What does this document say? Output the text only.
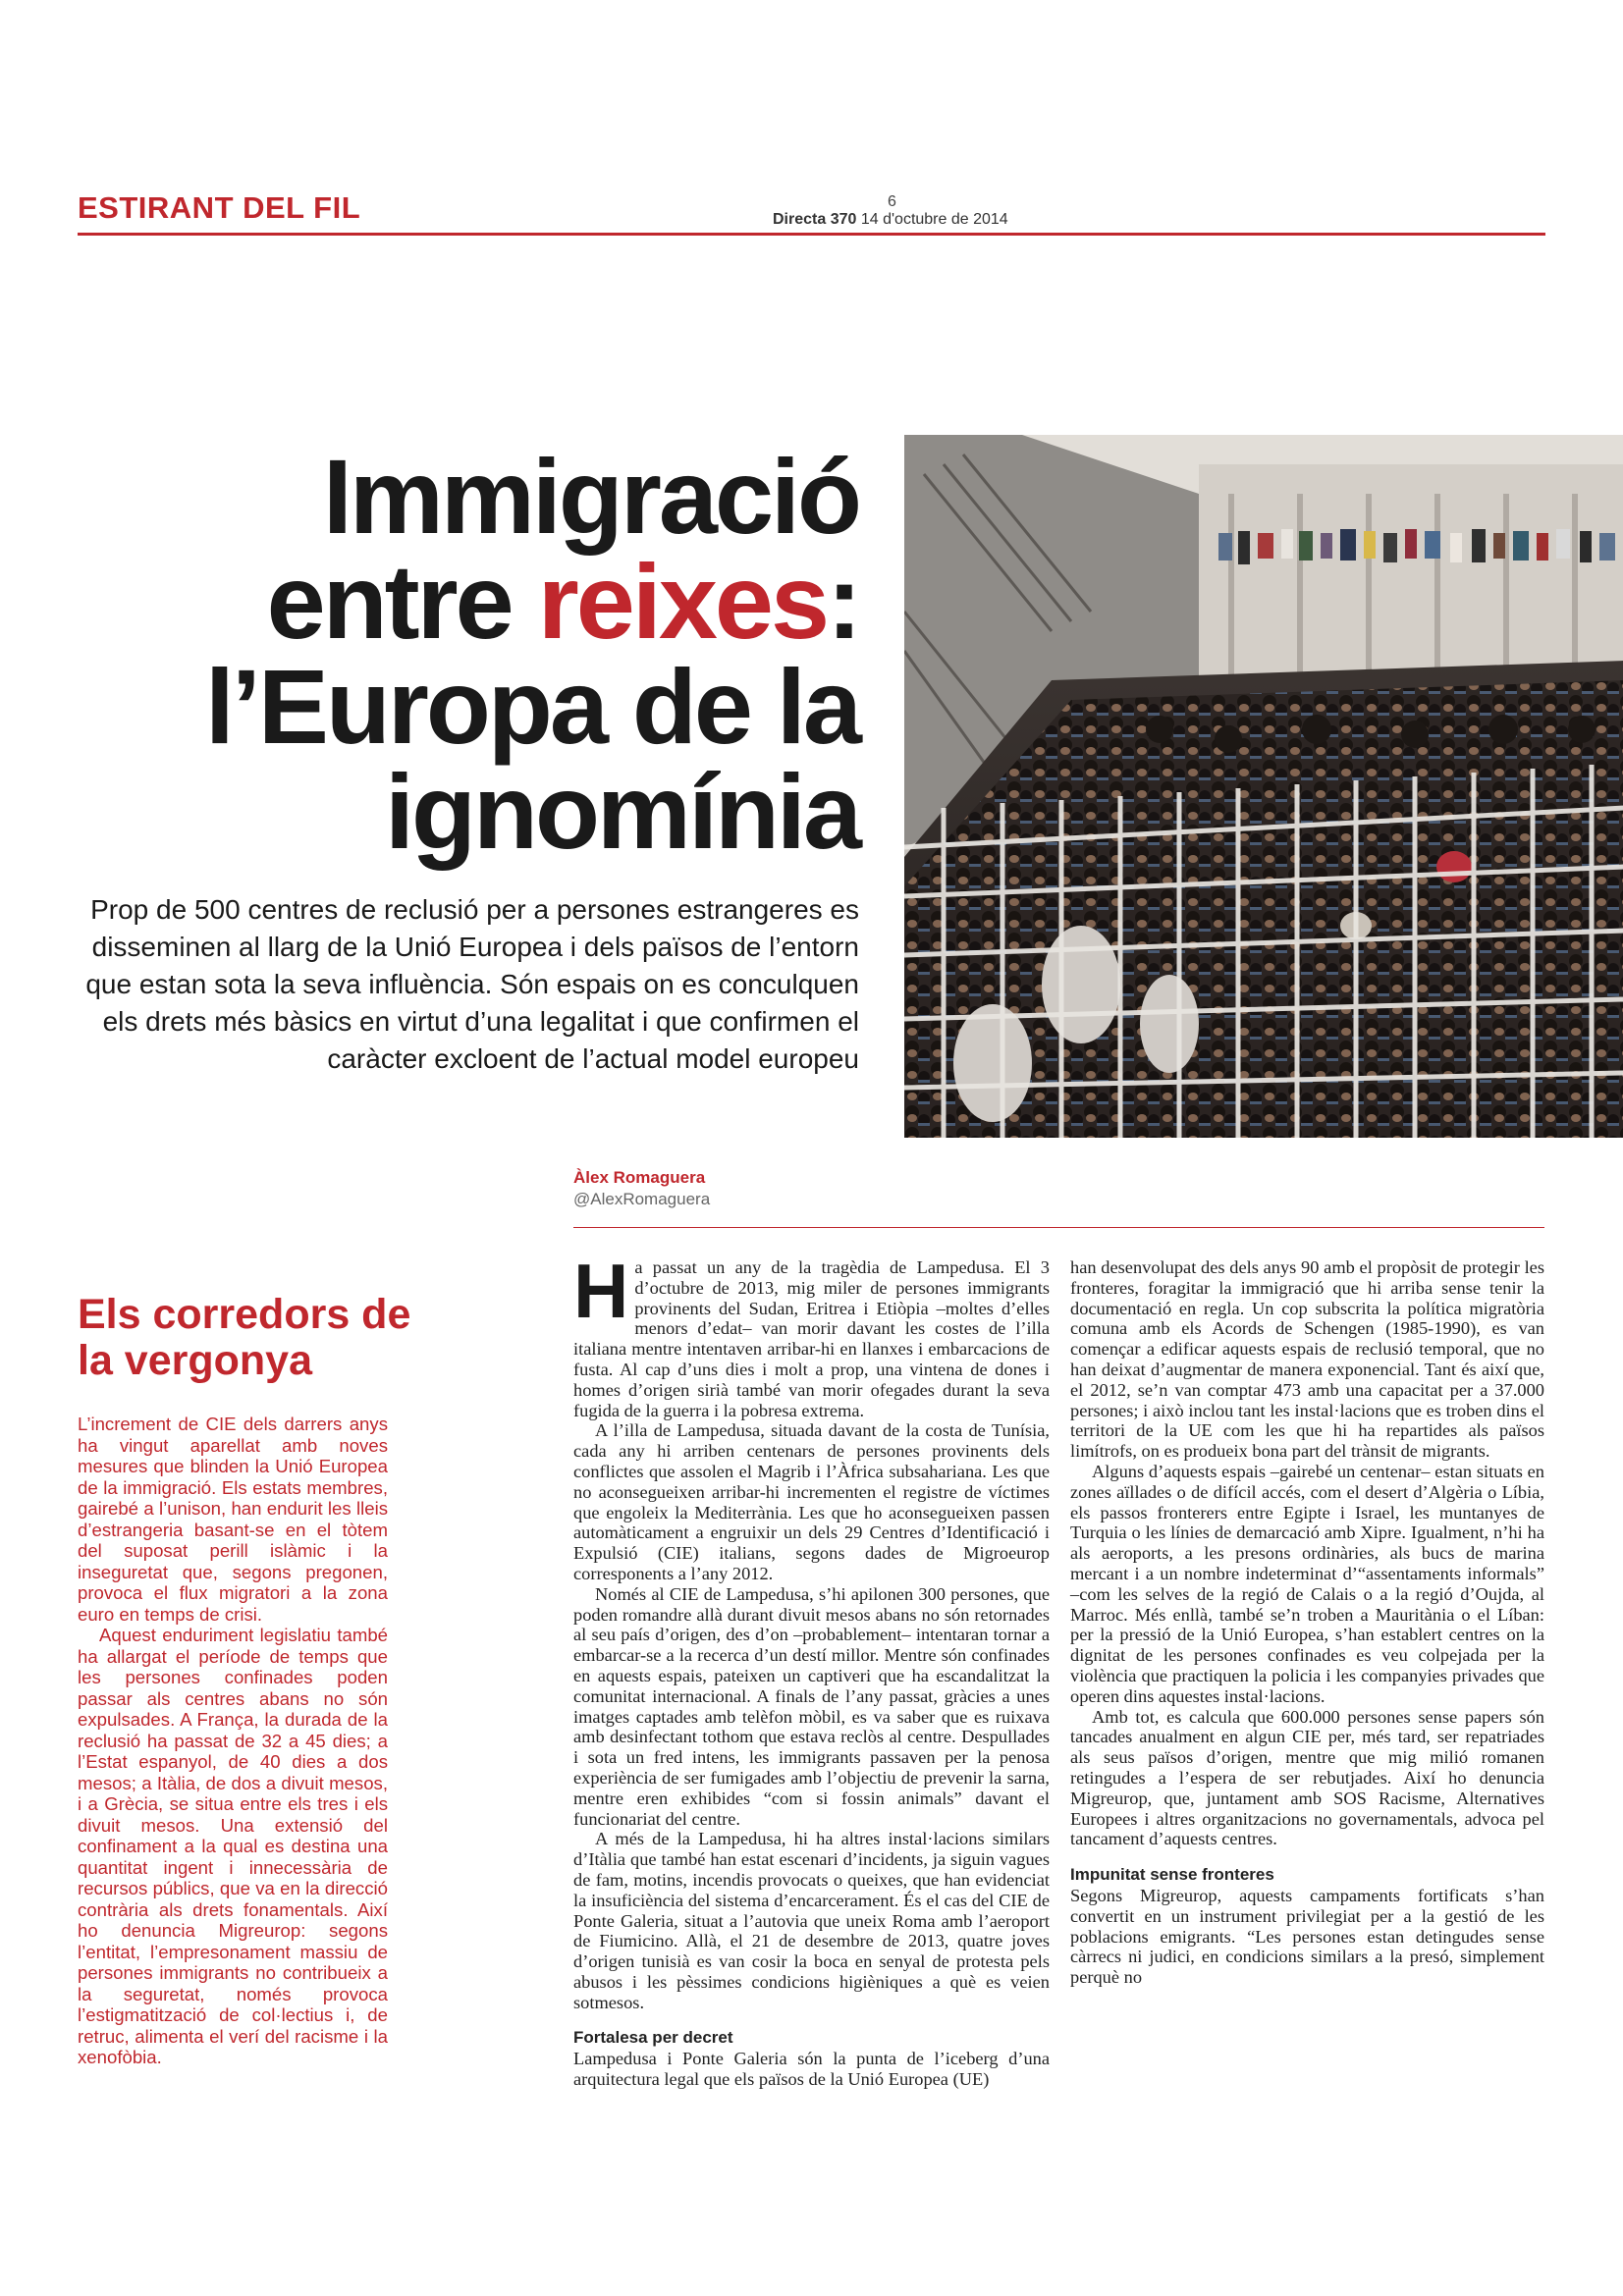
ESTIRANT DEL FIL	6
Directa 370 14 d'octubre de 2014
Immigració
entre reixes:
l’Europa de la
ignomínia

Prop de 500 centres de reclusió per a persones estrangeres es disseminen al llarg de la Unió Europea i dels països de l’entorn que estan sota la seva influència. Són espais on es conculquen els drets més bàsics en virtut d’una legalitat i que confirmen el caràcter excloent de l’actual model europeu

Àlex Romaguera
@AlexRomaguera
Els corredors de la vergonya

L’increment de CIE dels darrers anys ha vingut aparellat amb noves mesures que blinden la Unió Europea de la immigració. Els estats membres, gairebé a l’unison, han endurit les lleis d’estrangeria basant-se en el tòtem del suposat perill islàmic i la inseguretat que, segons pregonen, provoca el flux migratori a la zona euro en temps de crisi.

Aquest enduriment legislatiu també ha allargat el període de temps que les persones confinades poden passar als centres abans no són expulsades. A França, la durada de la reclusió ha passat de 32 a 45 dies; a l’Estat espanyol, de 40 dies a dos mesos; a Itàlia, de dos a divuit mesos, i a Grècia, se situa entre els tres i els divuit mesos. Una extensió del confinament a la qual es destina una quantitat ingent i innecessària de recursos públics, que va en la direcció contrària als drets fonamentals. Així ho denuncia Migreurop: segons l’entitat, l’empresonament massiu de persones immigrants no contribueix a la seguretat, només provoca l’estigmatització de col·lectius i, de retruc, alimenta el verí del racisme i la xenofòbia.

Ha passat un any de la tragèdia de Lampedusa. El 3 d’octubre de 2013, mig miler de persones immigrants provinents del Sudan, Eritrea i Etiòpia –moltes d’elles menors d’edat– van morir davant les costes de l’illa italiana mentre intentaven arribar-hi en llanxes i embarcacions de fusta. Al cap d’uns dies i molt a prop, una vintena de dones i homes d’origen sirià també van morir ofegades durant la seva fugida de la guerra i la pobresa extrema.

A l’illa de Lampedusa, situada davant de la costa de Tunísia, cada any hi arriben centenars de persones provinents dels conflictes que assolen el Magrib i l’Àfrica subsahariana. Les que no aconsegueixen arribar-hi incrementen el registre de víctimes que engoleix la Mediterrània. Les que ho aconsegueixen passen automàticament a engruixir un dels 29 Centres d’Identificació i Expulsió (CIE) italians, segons dades de Migroeurop corresponents a l’any 2012.

Només al CIE de Lampedusa, s’hi apilonen 300 persones, que poden romandre allà durant divuit mesos abans no són retornades al seu país d’origen, des d’on –probablement– intentaran tornar a embarcar-se a la recerca d’un destí millor. Mentre són confinades en aquests espais, pateixen un captiveri que ha escandalitzat la comunitat internacional. A finals de l’any passat, gràcies a unes imatges captades amb telèfon mòbil, es va saber que es ruixava amb desinfectant tothom que estava reclòs al centre. Despullades i sota un fred intens, les immigrants passaven per la penosa experiència de ser fumigades amb l’objectiu de prevenir la sarna, mentre eren exhibides “com si fossin animals” davant el funcionariat del centre.

A més de la Lampedusa, hi ha altres instal·lacions similars d’Itàlia que també han estat escenari d’incidents, ja siguin vagues de fam, motins, incendis provocats o queixes, que han evidenciat la insuficiència del sistema d’encarcerament. És el cas del CIE de Ponte Galeria, situat a l’autovia que uneix Roma amb l’aeroport de Fiumicino. Allà, el 21 de desembre de 2013, quatre joves d’origen tunisià es van cosir la boca en senyal de protesta pels abusos i les pèssimes condicions higièniques a què es veien sotmesos.

Fortalesa per decret

Lampedusa i Ponte Galeria són la punta de l’iceberg d’una arquitectura legal que els països de la Unió Europea (UE)

han desenvolupat des dels anys 90 amb el propòsit de protegir les fronteres, foragitar la immigració que hi arriba sense tenir la documentació en regla. Un cop subscrita la política migratòria comuna amb els Acords de Schengen (1985-1990), es van començar a edificar aquests espais de reclusió temporal, que no han deixat d’augmentar de manera exponencial. Tant és així que, el 2012, se’n van comptar 473 amb una capacitat per a 37.000 persones; i això inclou tant les instal·lacions que es troben dins el territori de la UE com les que hi ha repartides als països limítrofs, on es produeix bona part del trànsit de migrants.

Alguns d’aquests espais –gairebé un centenar– estan situats en zones aïllades o de difícil accés, com el desert d’Algèria o Líbia, els passos fronterers entre Egipte i Israel, les muntanyes de Turquia o les línies de demarcació amb Xipre. Igualment, n’hi ha als aeroports, a les presons ordinàries, als bucs de marina mercant i a un nombre indeterminat d’“assentaments informals” –com les selves de la regió de Calais o a la regió d’Oujda, al Marroc. Més enllà, també se’n troben a Mauritània o el Líban: per la pressió de la Unió Europea, s’han establert centres on la dignitat de les persones confinades es veu colpejada per la violència que practiquen la policia i les companyies privades que operen dins aquestes instal·lacions.

Amb tot, es calcula que 600.000 persones sense papers són tancades anualment en algun CIE per, més tard, ser repatriades als seus països d’origen, mentre que mig milió romanen retingudes a l’espera de ser rebutjades. Així ho denuncia Migreurop, que, juntament amb SOS Racisme, Alternatives Europees i altres organitzacions no governamentals, advoca pel tancament d’aquests centres.

Impunitat sense fronteres

Segons Migreurop, aquests campaments fortificats s’han convertit en un instrument privilegiat per a la gestió de les poblacions emigrants. “Les persones estan detingudes sense càrrecs ni judici, en condicions similars a la presó, simplement perquè no
